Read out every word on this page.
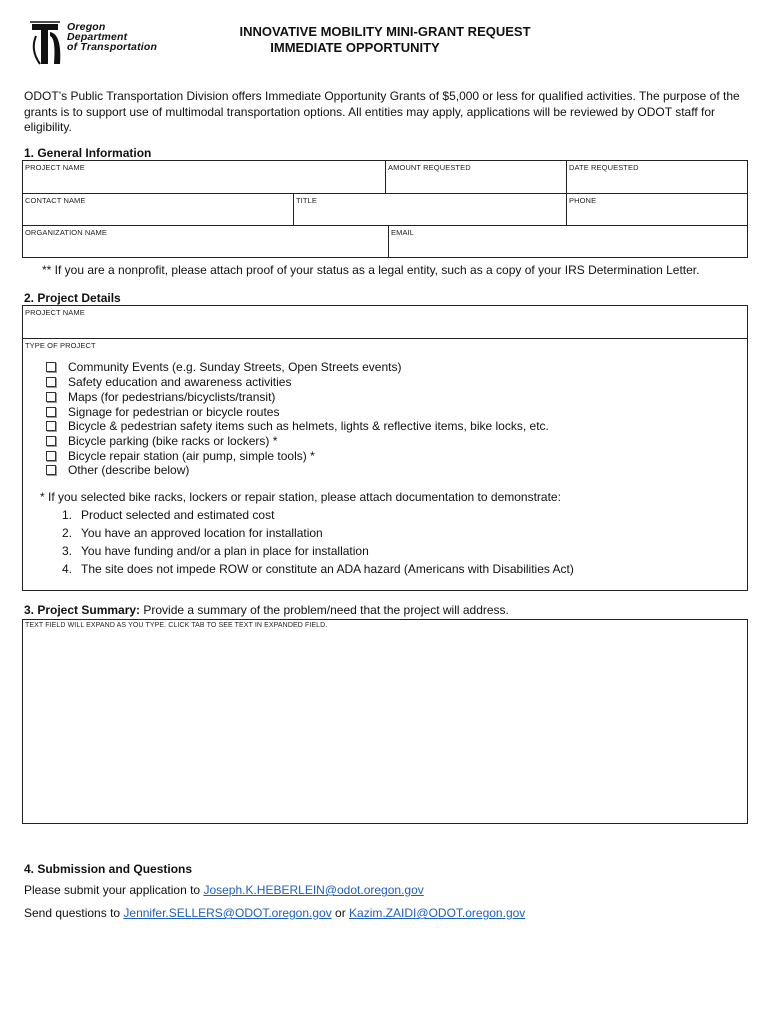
Oregon
Department
of Transportation
INNOVATIVE MOBILITY MINI-GRANT REQUEST
IMMEDIATE OPPORTUNITY
ODOT’s Public Transportation Division offers Immediate Opportunity Grants of $5,000 or less for qualified activities. The purpose of the grants is to support use of multimodal transportation options. All entities may apply, applications will be reviewed by ODOT staff for eligibility.
1. General Information
PROJECT NAME	AMOUNT REQUESTED	DATE REQUESTED
CONTACT NAME	TITLE	PHONE
ORGANIZATION NAME	EMAIL
** If you are a nonprofit, please attach proof of your status as a legal entity, such as a copy of your IRS Determination Letter.
2. Project Details
PROJECT NAME
TYPE OF PROJECT
Community Events (e.g. Sunday Streets, Open Streets events)
Safety education and awareness activities
Maps (for pedestrians/bicyclists/transit)
Signage for pedestrian or bicycle routes
Bicycle & pedestrian safety items such as helmets, lights & reflective items, bike locks, etc.
Bicycle parking (bike racks or lockers) *
Bicycle repair station (air pump, simple tools) *
Other (describe below)
* If you selected bike racks, lockers or repair station, please attach documentation to demonstrate:
1. Product selected and estimated cost
2. You have an approved location for installation
3. You have funding and/or a plan in place for installation
4. The site does not impede ROW or constitute an ADA hazard (Americans with Disabilities Act)
3. Project Summary: Provide a summary of the problem/need that the project will address.
TEXT FIELD WILL EXPAND AS YOU TYPE. CLICK TAB TO SEE TEXT IN EXPANDED FIELD.
4. Submission and Questions
Please submit your application to Joseph.K.HEBERLEIN@odot.oregon.gov
Send questions to Jennifer.SELLERS@ODOT.oregon.gov or Kazim.ZAIDI@ODOT.oregon.gov
